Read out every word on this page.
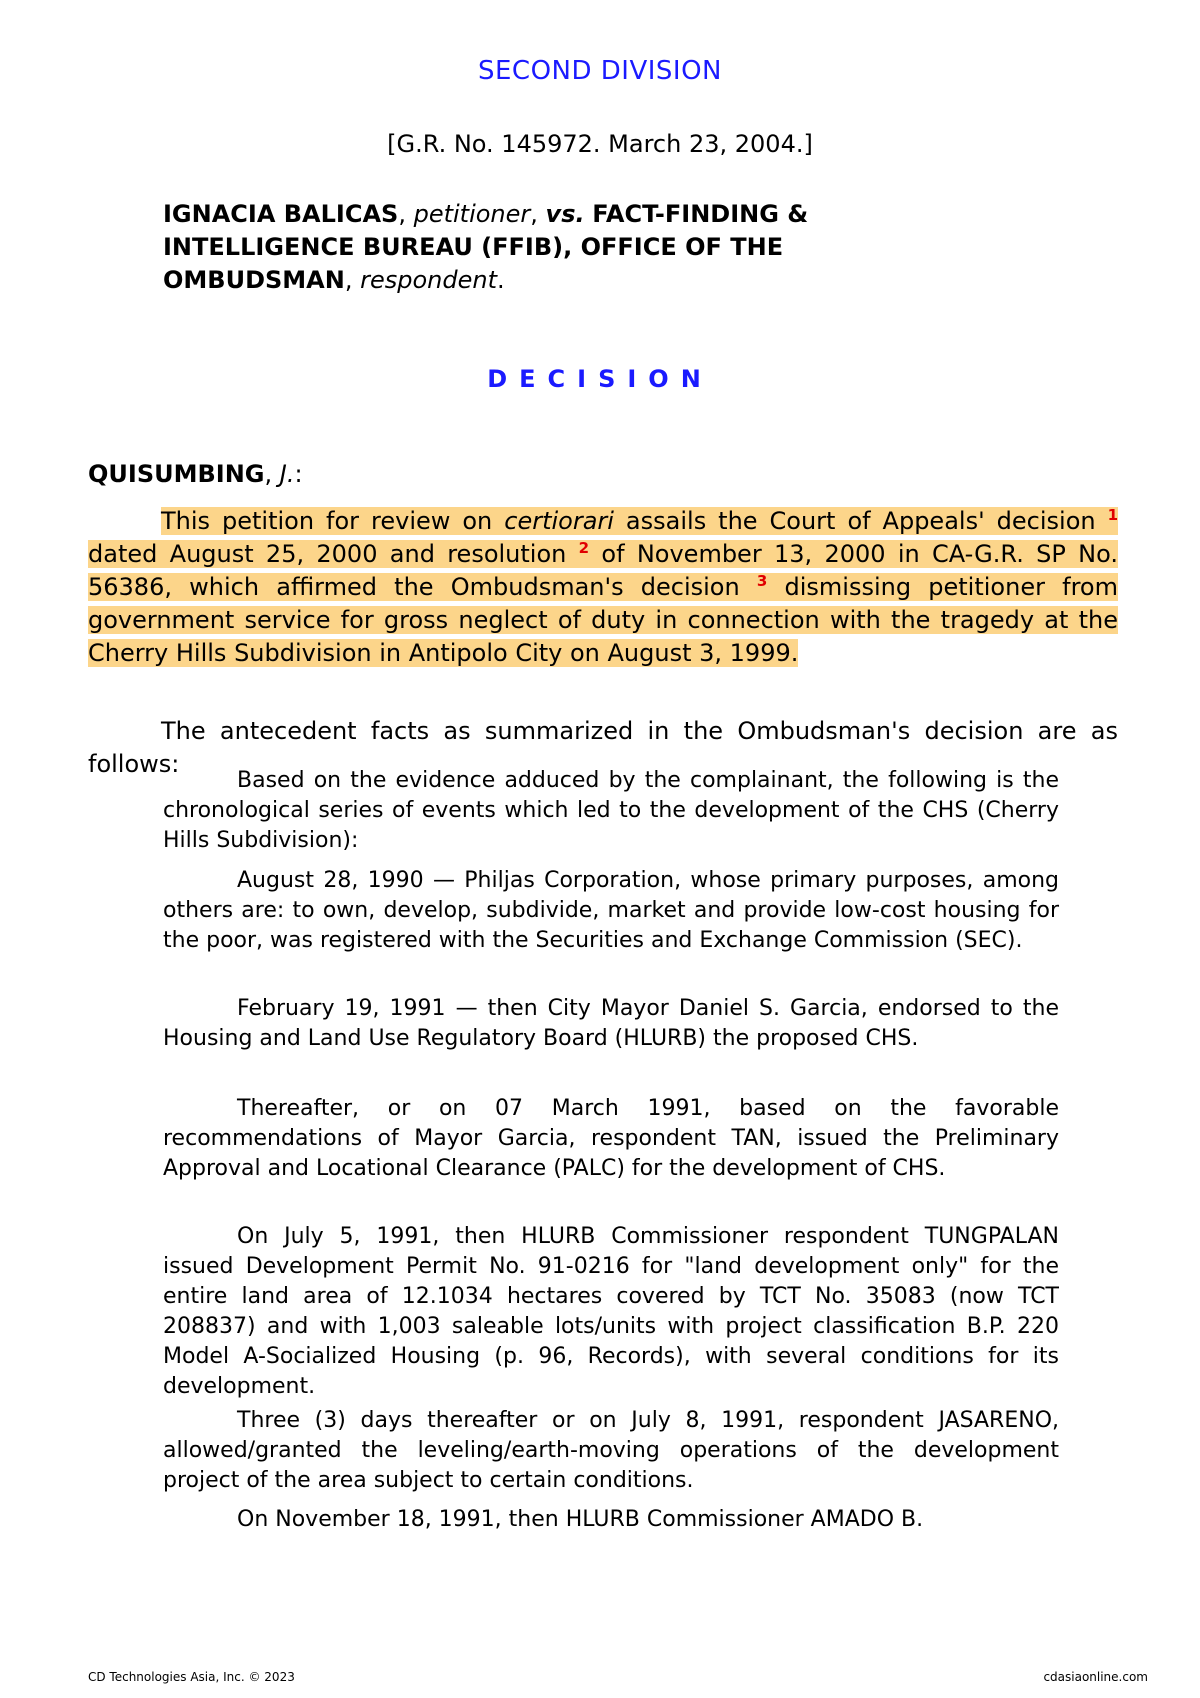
SECOND DIVISION
[G.R. No. 145972. March 23, 2004.]
IGNACIA BALICAS, petitioner, vs. FACT-FINDING & INTELLIGENCE BUREAU (FFIB), OFFICE OF THE OMBUDSMAN, respondent.
DECISION
QUISUMBING, J.:
This petition for review on certiorari assails the Court of Appeals' decision $^1$ dated August 25, 2000 and resolution $^2$ of November 13, 2000 in CA-G.R. SP No. 56386, which affirmed the Ombudsman's decision $^3$ dismissing petitioner from government service for gross neglect of duty in connection with the tragedy at the Cherry Hills Subdivision in Antipolo City on August 3, 1999.
The antecedent facts as summarized in the Ombudsman's decision are as follows:
Based on the evidence adduced by the complainant, the following is the chronological series of events which led to the development of the CHS (Cherry Hills Subdivision):
August 28, 1990 — Philjas Corporation, whose primary purposes, among others are: to own, develop, subdivide, market and provide low-cost housing for the poor, was registered with the Securities and Exchange Commission (SEC).
February 19, 1991 — then City Mayor Daniel S. Garcia, endorsed to the Housing and Land Use Regulatory Board (HLURB) the proposed CHS.
Thereafter, or on 07 March 1991, based on the favorable recommendations of Mayor Garcia, respondent TAN, issued the Preliminary Approval and Locational Clearance (PALC) for the development of CHS.
On July 5, 1991, then HLURB Commissioner respondent TUNGPALAN issued Development Permit No. 91-0216 for "land development only" for the entire land area of 12.1034 hectares covered by TCT No. 35083 (now TCT 208837) and with 1,003 saleable lots/units with project classification B.P. 220 Model A-Socialized Housing (p. 96, Records), with several conditions for its development.
Three (3) days thereafter or on July 8, 1991, respondent JASARENO, allowed/granted the leveling/earth-moving operations of the development project of the area subject to certain conditions.
On November 18, 1991, then HLURB Commissioner AMADO B.
CD Technologies Asia, Inc. © 2023	cdasiaonline.com
